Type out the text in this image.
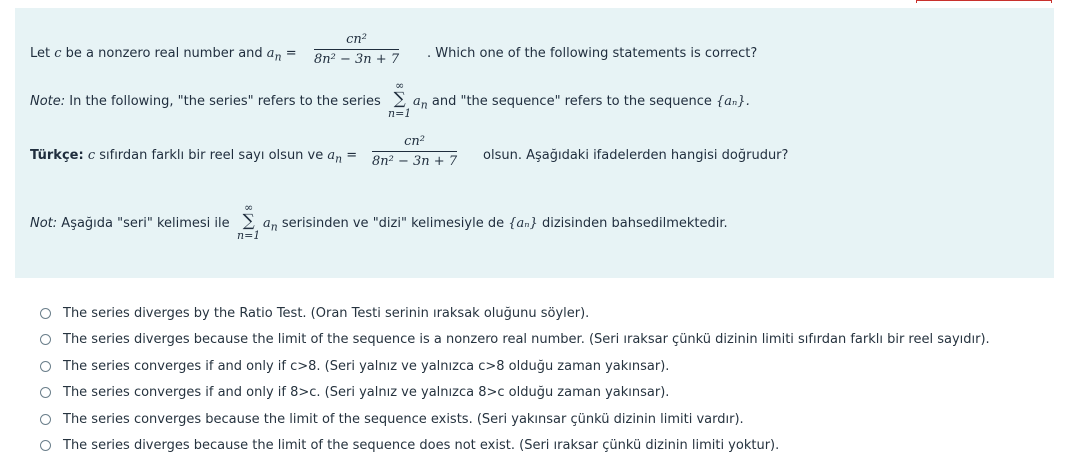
Let c be a nonzero real number and $a_n = \frac{\text{cn²}}{\text{8n² − 3n + 7}}$ . Which one of the following statements is correct?
Note: In the following, "the series" refers to the series
∞
∑
n=1
$a_n$ and "the sequence" refers to the sequence {aₙ}.
Türkçe: c sıfırdan farklı bir reel sayı olsun ve $a_n = \frac{\text{cn²}}{\text{8n² − 3n + 7}}$ olsun. Aşağıdaki ifadelerden hangisi doğrudur?
Not: Aşağıda "seri" kelimesi ile
∞
∑
n=1
$a_n$ serisinden ve "dizi" kelimesiyle de {aₙ} dizisinden bahsedilmektedir.
The series diverges by the Ratio Test. (Oran Testi serinin ıraksak oluğunu söyler).
The series diverges because the limit of the sequence is a nonzero real number. (Seri ıraksar çünkü dizinin limiti sıfırdan farklı bir reel sayıdır).
The series converges if and only if c>8. (Seri yalnız ve yalnızca c>8 olduğu zaman yakınsar).
The series converges if and only if 8>c. (Seri yalnız ve yalnızca 8>c olduğu zaman yakınsar).
The series converges because the limit of the sequence exists. (Seri yakınsar çünkü dizinin limiti vardır).
The series diverges because the limit of the sequence does not exist. (Seri ıraksar çünkü dizinin limiti yoktur).
